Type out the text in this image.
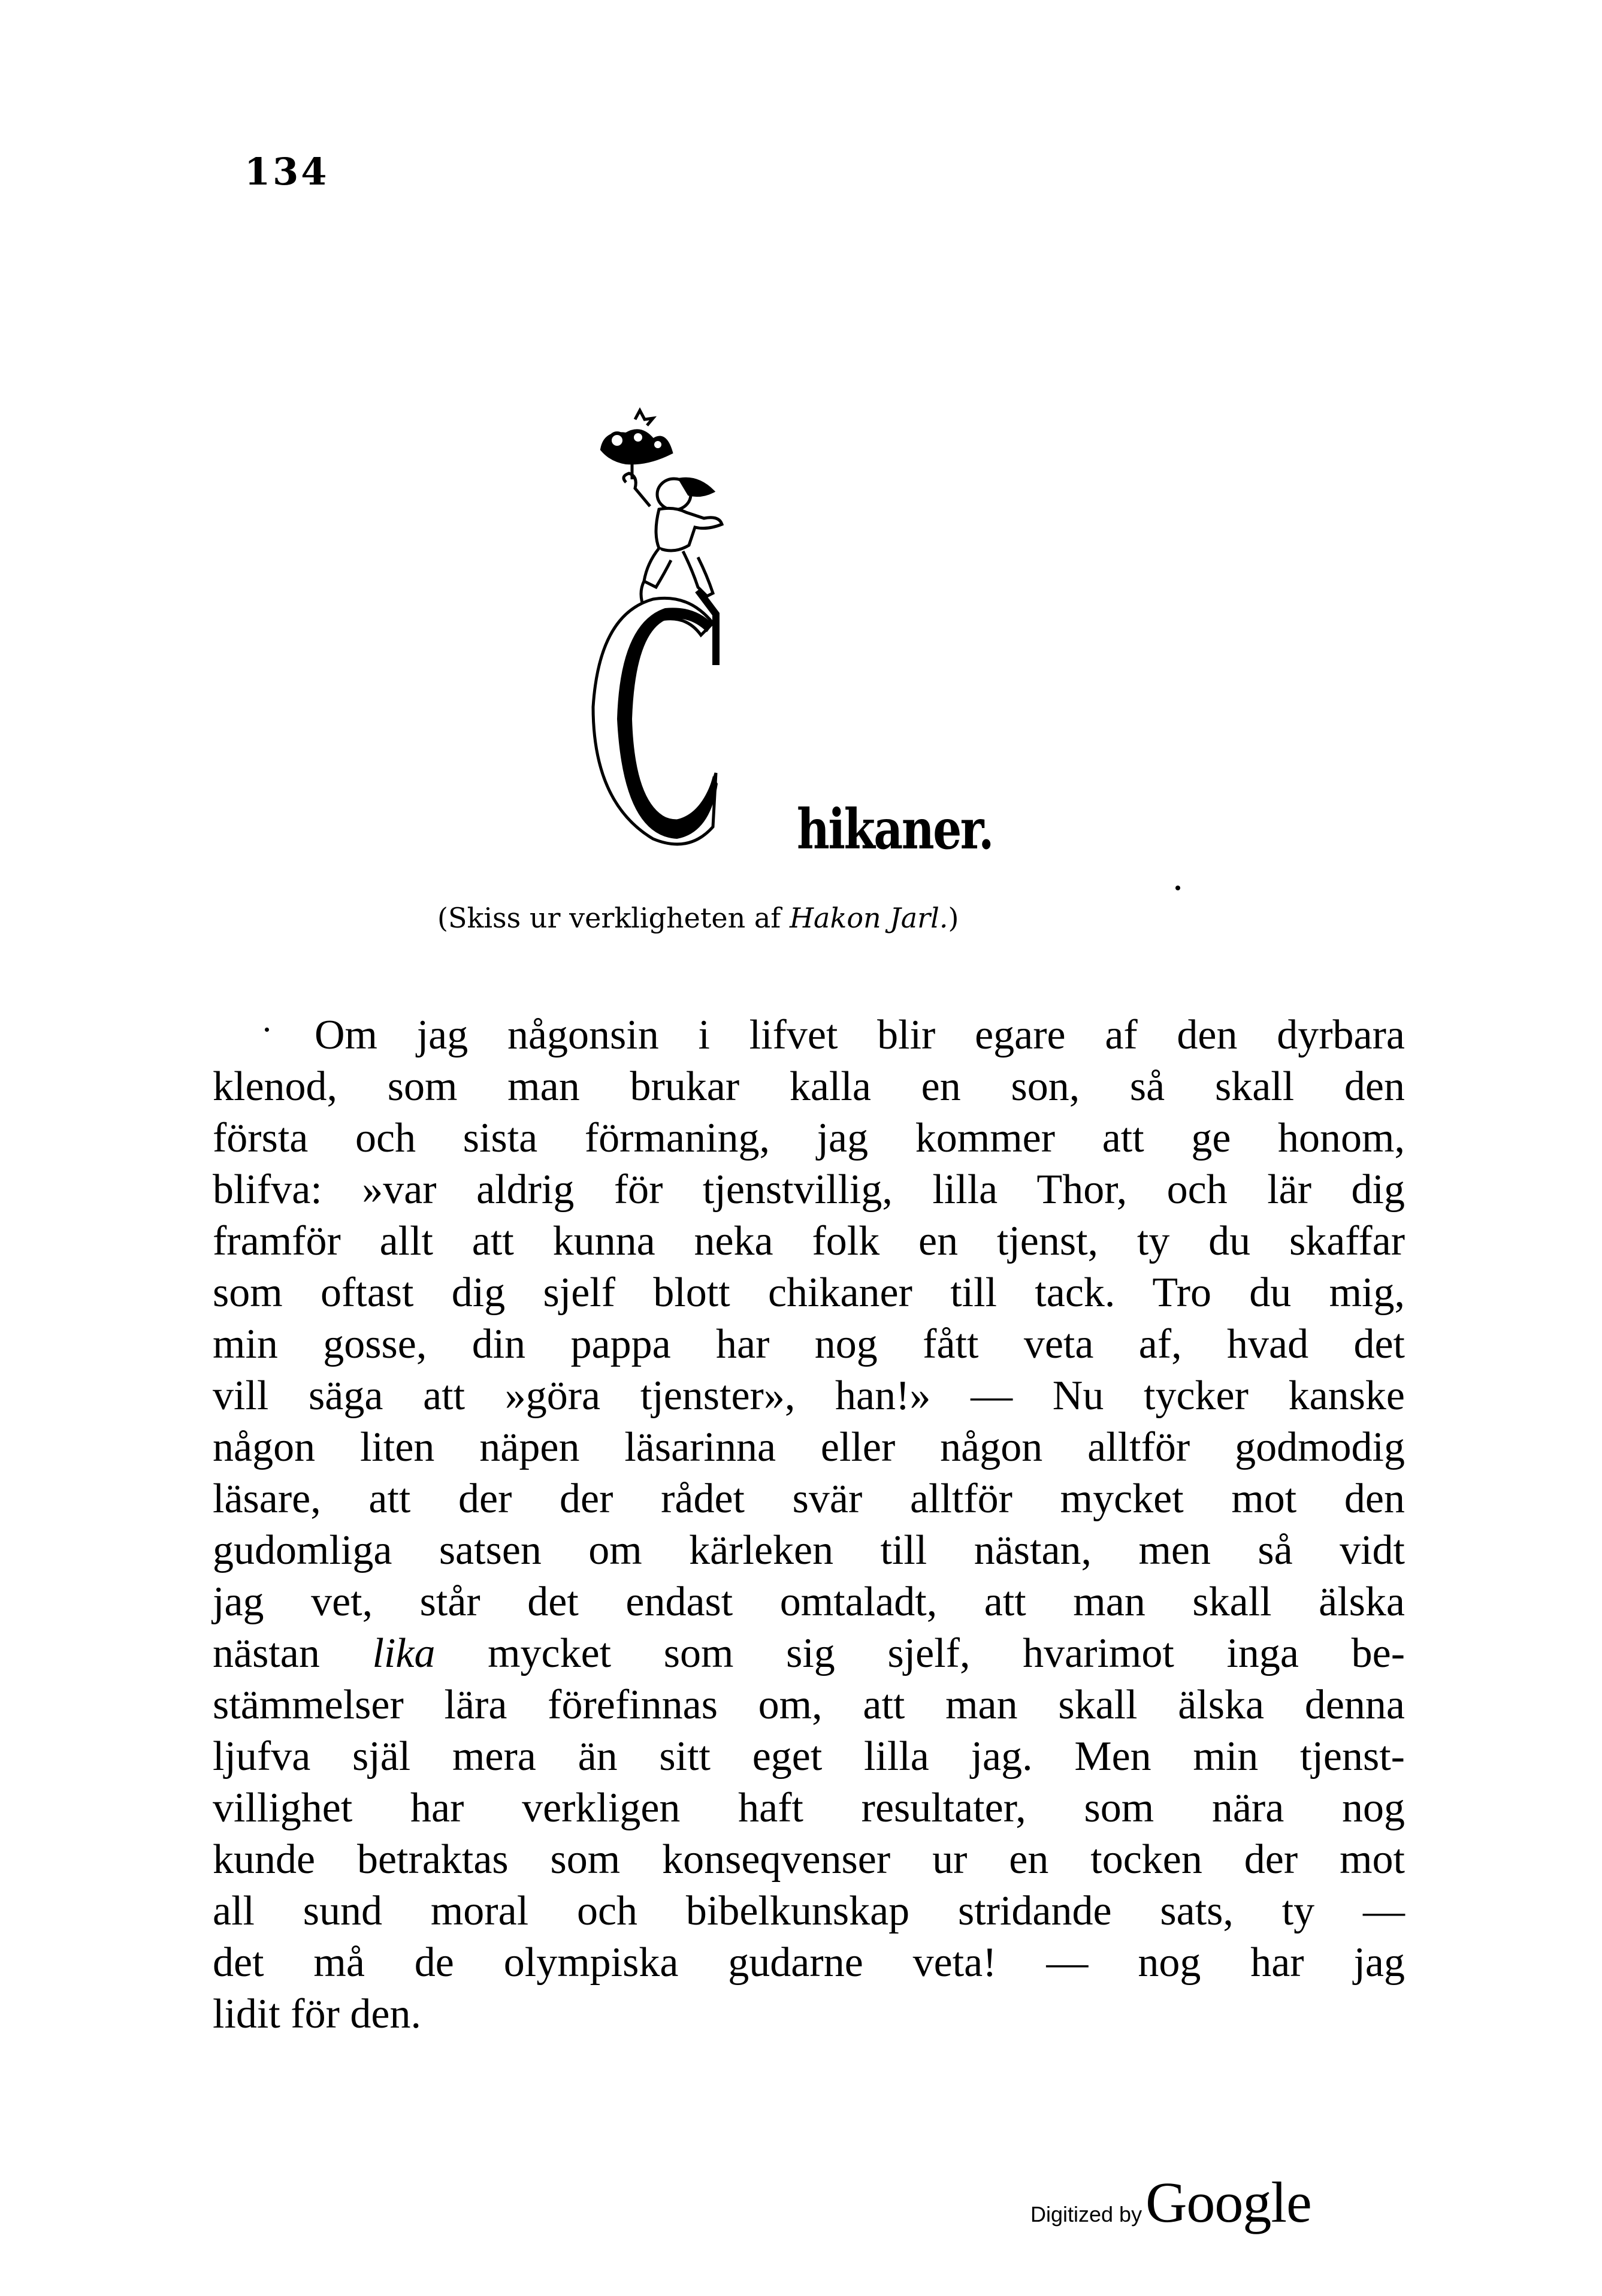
134
hikaner.
(Skiss ur verkligheten af Hakon Jarl.)
Om jag någonsin i lifvet blir egare af den dyrbara
klenod, som man brukar kalla en son, så skall den
första och sista förmaning, jag kommer att ge honom,
blifva: »var aldrig för tjenstvillig, lilla Thor, och lär dig
framför allt att kunna neka folk en tjenst, ty du skaffar
som oftast dig sjelf blott chikaner till tack. Tro du mig,
min gosse, din pappa har nog fått veta af, hvad det
vill säga att »göra tjenster», han!» — Nu tycker kanske
någon liten näpen läsarinna eller någon alltför godmodig
läsare, att der der rådet svär alltför mycket mot den
gudomliga satsen om kärleken till nästan, men så vidt
jag vet, står det endast omtaladt, att man skall älska
nästan lika mycket som sig sjelf, hvarimot inga be-
stämmelser lära förefinnas om, att man skall älska denna
ljufva själ mera än sitt eget lilla jag. Men min tjenst-
villighet har verkligen haft resultater, som nära nog
kunde betraktas som konseqvenser ur en tocken der mot
all sund moral och bibelkunskap stridande sats, ty —
det må de olympiska gudarne veta! — nog har jag
lidit för den.
Digitized by Google
